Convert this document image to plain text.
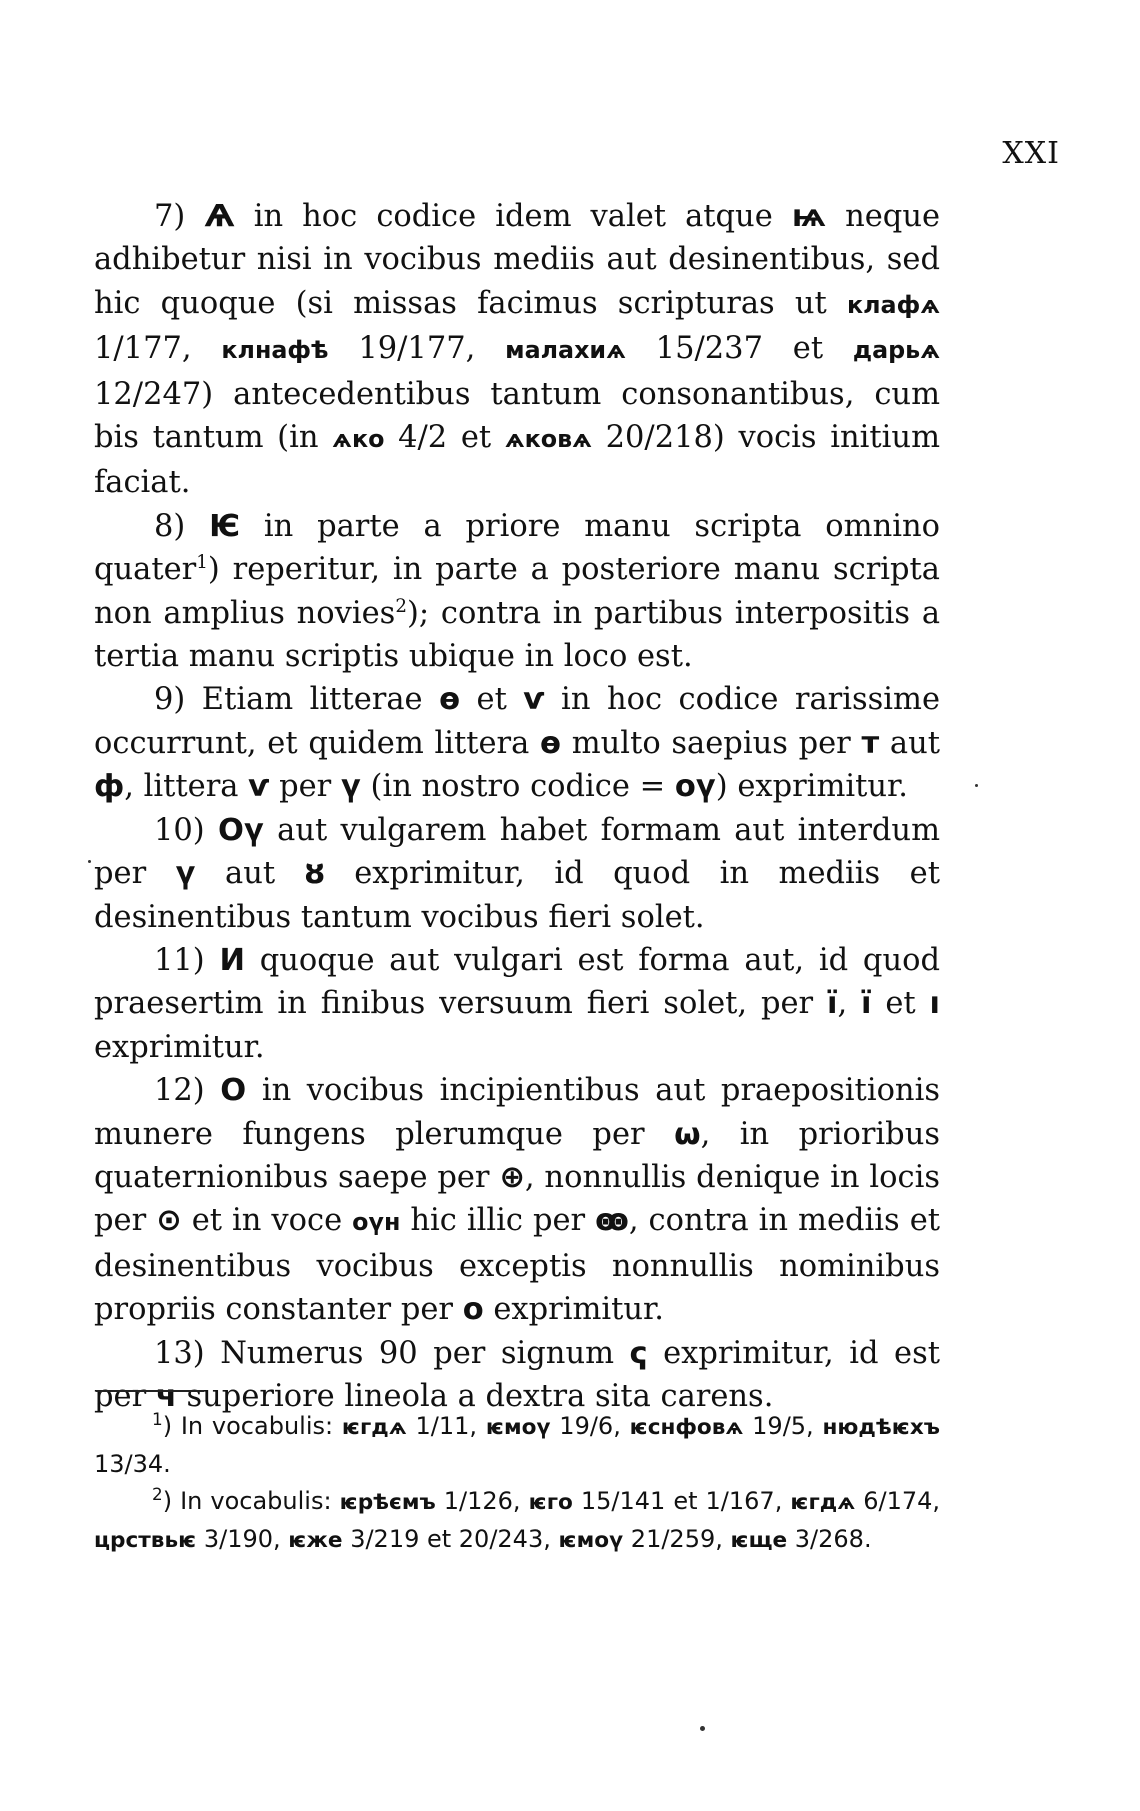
XXI

7) Ѧ in hoc codice idem valet atque ѩ neque adhibetur nisi in vocibus mediis aut desinentibus, sed hic quoque (si missas facimus scripturas ut клафѧ 1/177, клнафѣ 19/177, малахиѧ 15/237 et дарьѧ 12/247) antecedentibus tantum consonantibus, cum bis tantum (in ѧко 4/2 et ѧковѧ 20/218) vocis initium faciat.

8) Ѥ in parte a priore manu scripta omnino quater$^1$) reperitur, in parte a posteriore manu scripta non amplius novies$^2$); contra in partibus interpositis a tertia manu scriptis ubique in loco est.

9) Etiam litterae ѳ et ѵ in hoc codice rarissime occurrunt, et quidem littera ѳ multo saepius per т aut ф, littera ѵ per ү (in nostro codice = оү) exprimitur.

10) Оү aut vulgarem habet formam aut interdum per ү aut ȣ exprimitur, id quod in mediis et desinentibus tantum vocibus fieri solet.

11) И quoque aut vulgari est forma aut, id quod praesertim in finibus versuum fieri solet, per ї, ї et ı exprimitur.

12) О in vocibus incipientibus aut praepositionis munere fungens plerumque per ѡ, in prioribus quaternionibus saepe per ⊕, nonnullis denique in locis per ⊙ et in voce оүн hic illic per ꙭ, contra in mediis et desinentibus vocibus exceptis nonnullis nominibus propriis constanter per о exprimitur.

13) Numerus 90 per signum ҁ exprimitur, id est per ч superiore lineola a dextra sita carens.

$^1$) In vocabulis: ѥгдѧ 1/11, ѥмоү 19/6, ѥснфовѧ 19/5, нюдѣѥхъ 13/34.

$^2$) In vocabulis: ѥрѣємъ 1/126, ѥго 15/141 et 1/167, ѥгдѧ 6/174, црствьѥ 3/190, ѥже 3/219 et 20/243, ѥмоү 21/259, ѥще 3/268.
